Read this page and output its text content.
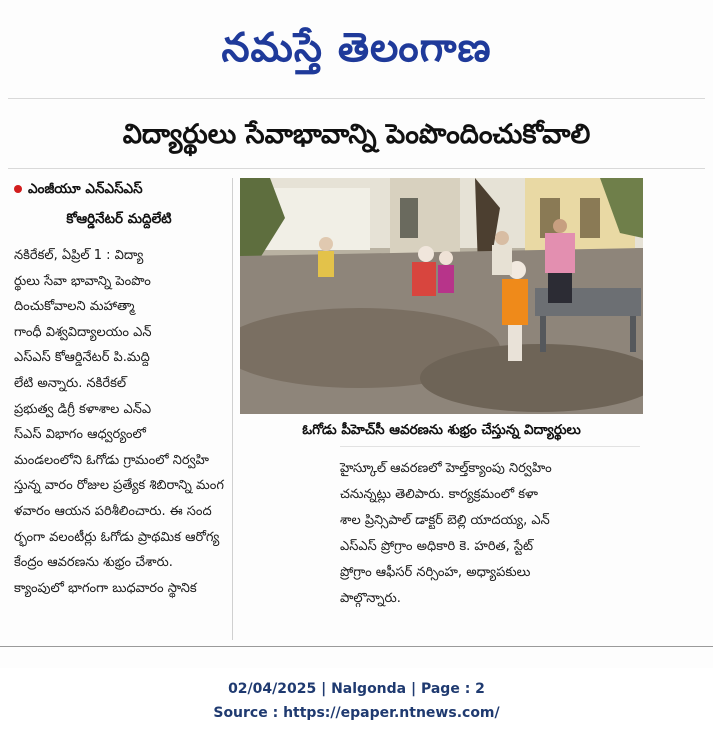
నమస్తే తెలంగాణ
విద్యార్థులు సేవాభావాన్ని పెంపొందించుకోవాలి
ఎంజీయూ ఎన్ఎస్ఎస్
కోఆర్డినేటర్ మద్దిలేటి
నకిరేకల్, ఏప్రిల్ 1 : విద్యా
ర్థులు సేవా భావాన్ని పెంపొం
దించుకోవాలని మహాత్మా
గాంధీ విశ్వవిద్యాలయం ఎన్
ఎస్ఎస్ కోఆర్డినేటర్ పి.మద్ది
లేటి అన్నారు. నకిరేకల్
ప్రభుత్వ డిగ్రీ కళాశాల ఎన్ఎ
స్ఎస్ విభాగం ఆధ్వర్యంలో
మండలంలోని ఓగోడు గ్రామంలో నిర్వహి
స్తున్న వారం రోజుల ప్రత్యేక శిబిరాన్ని మంగ
ళవారం ఆయన పరిశీలించారు. ఈ సంద
ర్భంగా వలంటీర్లు ఓగోడు ప్రాథమిక ఆరోగ్య
కేంద్రం ఆవరణను శుభ్రం చేశారు.
క్యాంపులో భాగంగా బుధవారం స్థానిక
ఓగోడు పీహెచ్‌సీ ఆవరణను శుభ్రం చేస్తున్న విద్యార్థులు
హైస్కూల్ ఆవరణలో హెల్త్‌క్యాంపు నిర్వహిం
చనున్నట్లు తెలిపారు. కార్యక్రమంలో కళా
శాల ప్రిన్సిపాల్ డాక్టర్ బెల్లి యాదయ్య, ఎన్
ఎస్ఎస్ ప్రోగ్రాం అధికారి కె. హరిత, స్టేట్
ప్రోగ్రాం ఆఫీసర్ నర్సింహ, అధ్యాపకులు
పాల్గొన్నారు.
02/04/2025 | Nalgonda | Page : 2
Source : https://epaper.ntnews.com/
